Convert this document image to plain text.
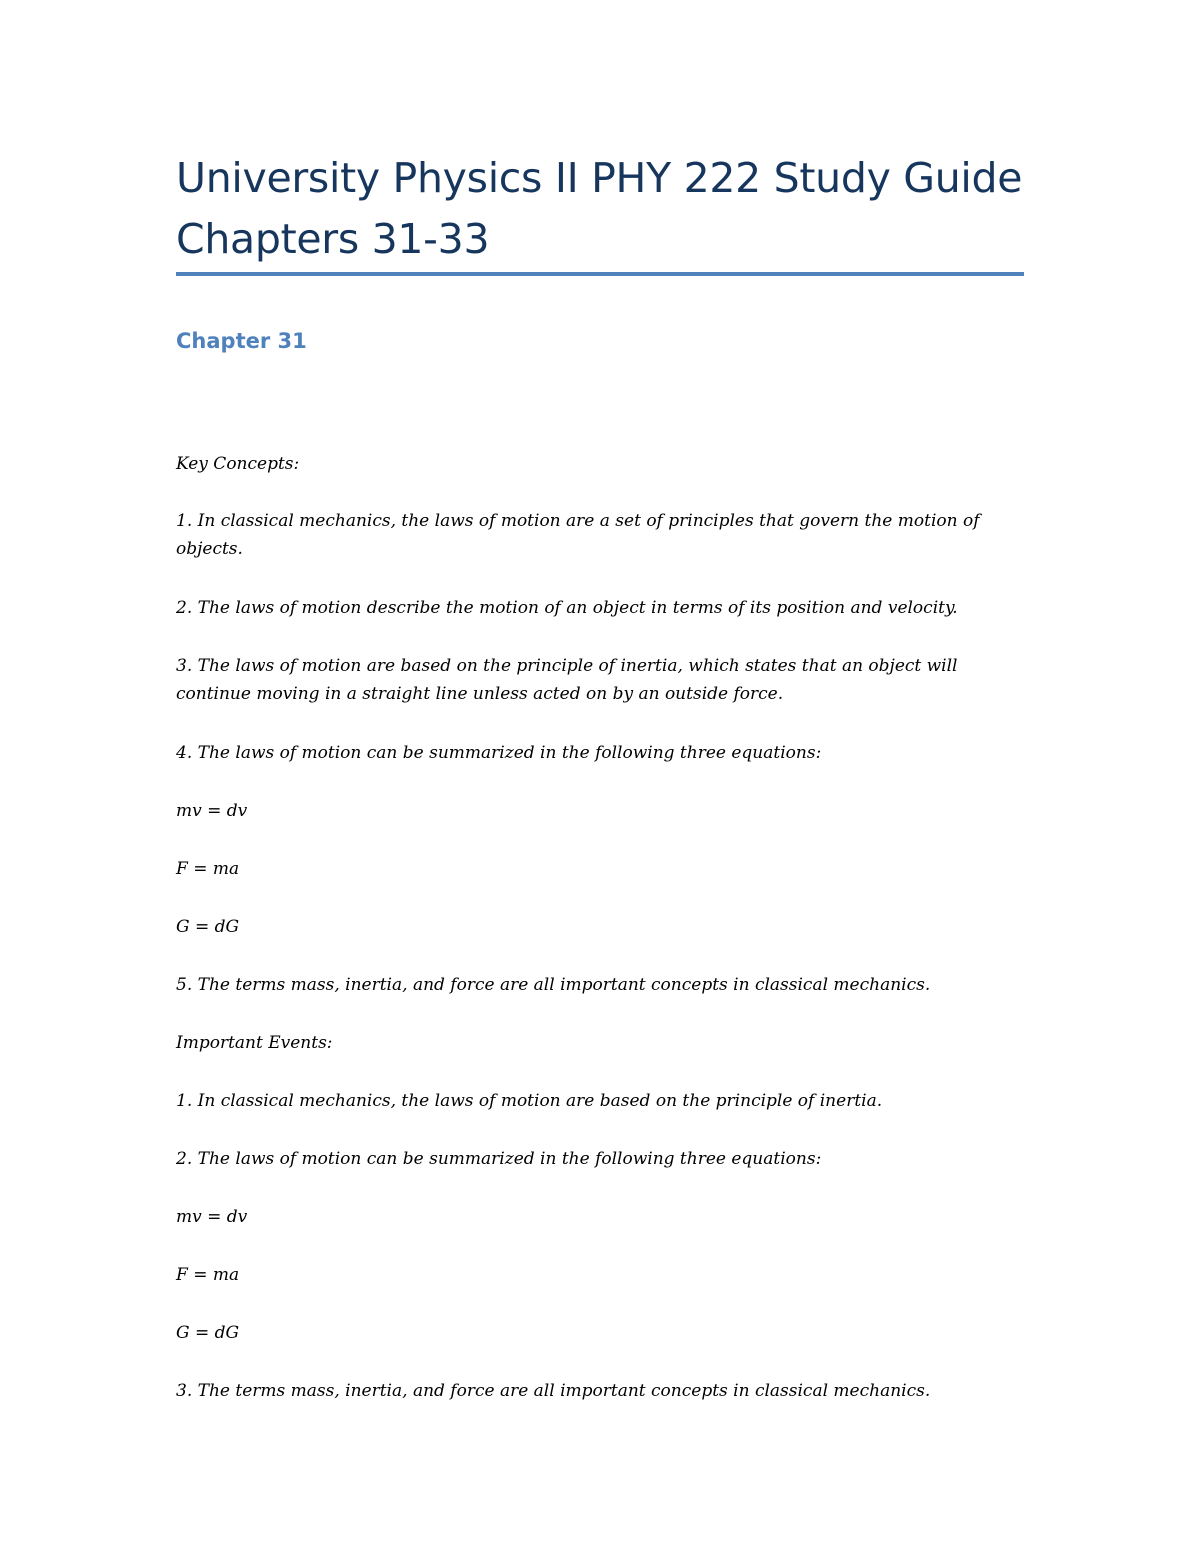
University Physics II PHY 222 Study Guide Chapters 31-33
Chapter 31

Key Concepts:

1. In classical mechanics, the laws of motion are a set of principles that govern the motion of objects.

2. The laws of motion describe the motion of an object in terms of its position and velocity.

3. The laws of motion are based on the principle of inertia, which states that an object will continue moving in a straight line unless acted on by an outside force.

4. The laws of motion can be summarized in the following three equations:

mv = dv

F = ma

G = dG

5. The terms mass, inertia, and force are all important concepts in classical mechanics.

Important Events:

1. In classical mechanics, the laws of motion are based on the principle of inertia.

2. The laws of motion can be summarized in the following three equations:

mv = dv

F = ma

G = dG

3. The terms mass, inertia, and force are all important concepts in classical mechanics.
